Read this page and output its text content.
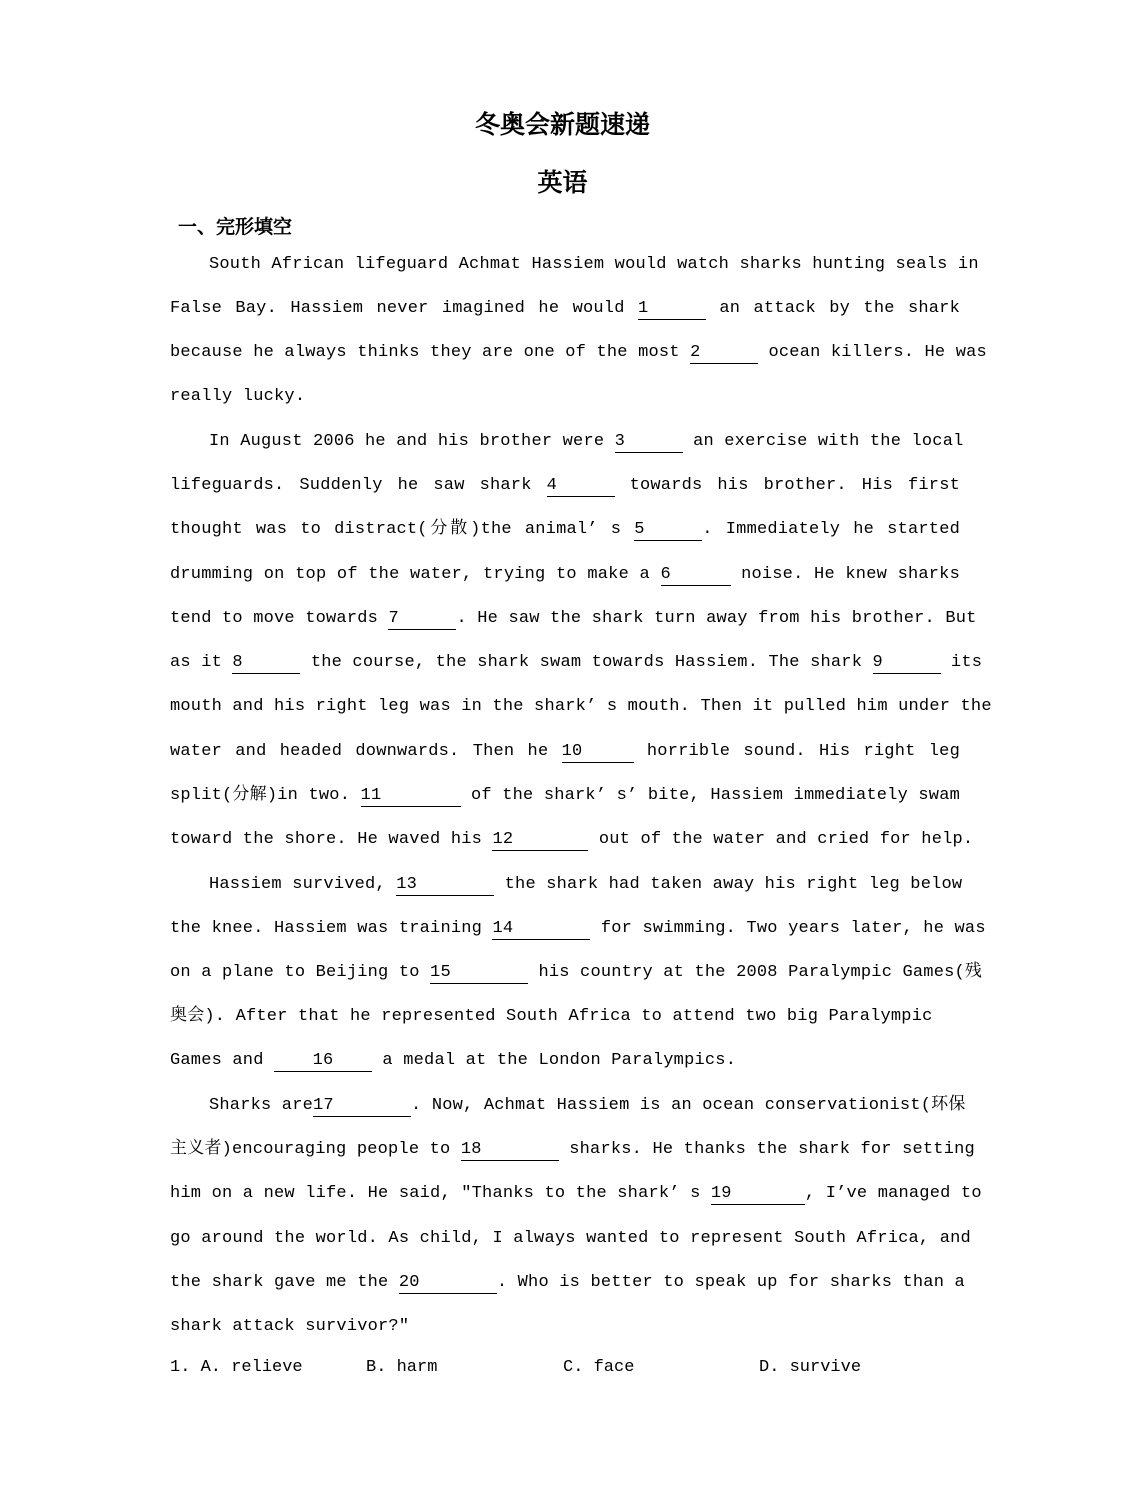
冬奥会新题速递
英语
一、完形填空
South African lifeguard Achmat Hassiem would watch sharks hunting seals in
False Bay. Hassiem never imagined he would 1	an attack by the shark
because he always thinks they are one of the most 2	ocean killers. He was
really lucky.
In August 2006 he and his brother were 3	an exercise with the local
lifeguards. Suddenly he saw shark 4	towards his brother. His first
thought was to distract(分散)the animal’ s 5	. Immediately he started
drumming on top of the water, trying to make a 6	noise. He knew sharks
tend to move towards 7	. He saw the shark turn away from his brother. But
as it 8	the course, the shark swam towards Hassiem. The shark 9	its
mouth and his right leg was in the shark’ s mouth. Then it pulled him under the
water and headed downwards. Then he 10	horrible sound. His right leg
split(分解)in two. 11	of the shark’ s’ bite, Hassiem immediately swam
toward the shore. He waved his 12	out of the water and cried for help.
Hassiem survived, 13	the shark had taken away his right leg below
the knee. Hassiem was training 14	for swimming. Two years later, he was
on a plane to Beijing to 15	his country at the 2008 Paralympic Games(残
奥会). After that he represented South Africa to attend two big Paralympic
Games and 16 a medal at the London Paralympics.
Sharks are17	. Now, Achmat Hassiem is an ocean conservationist(环保
主义者)encouraging people to 18	sharks. He thanks the shark for setting
him on a new life. He said, "Thanks to the shark’ s 19	, I’ve managed to
go around the world. As child, I always wanted to represent South Africa, and
the shark gave me the 20	. Who is better to speak up for sharks than a
shark attack survivor?"
1. A. relieve	B. harm	C. face	D. survive
